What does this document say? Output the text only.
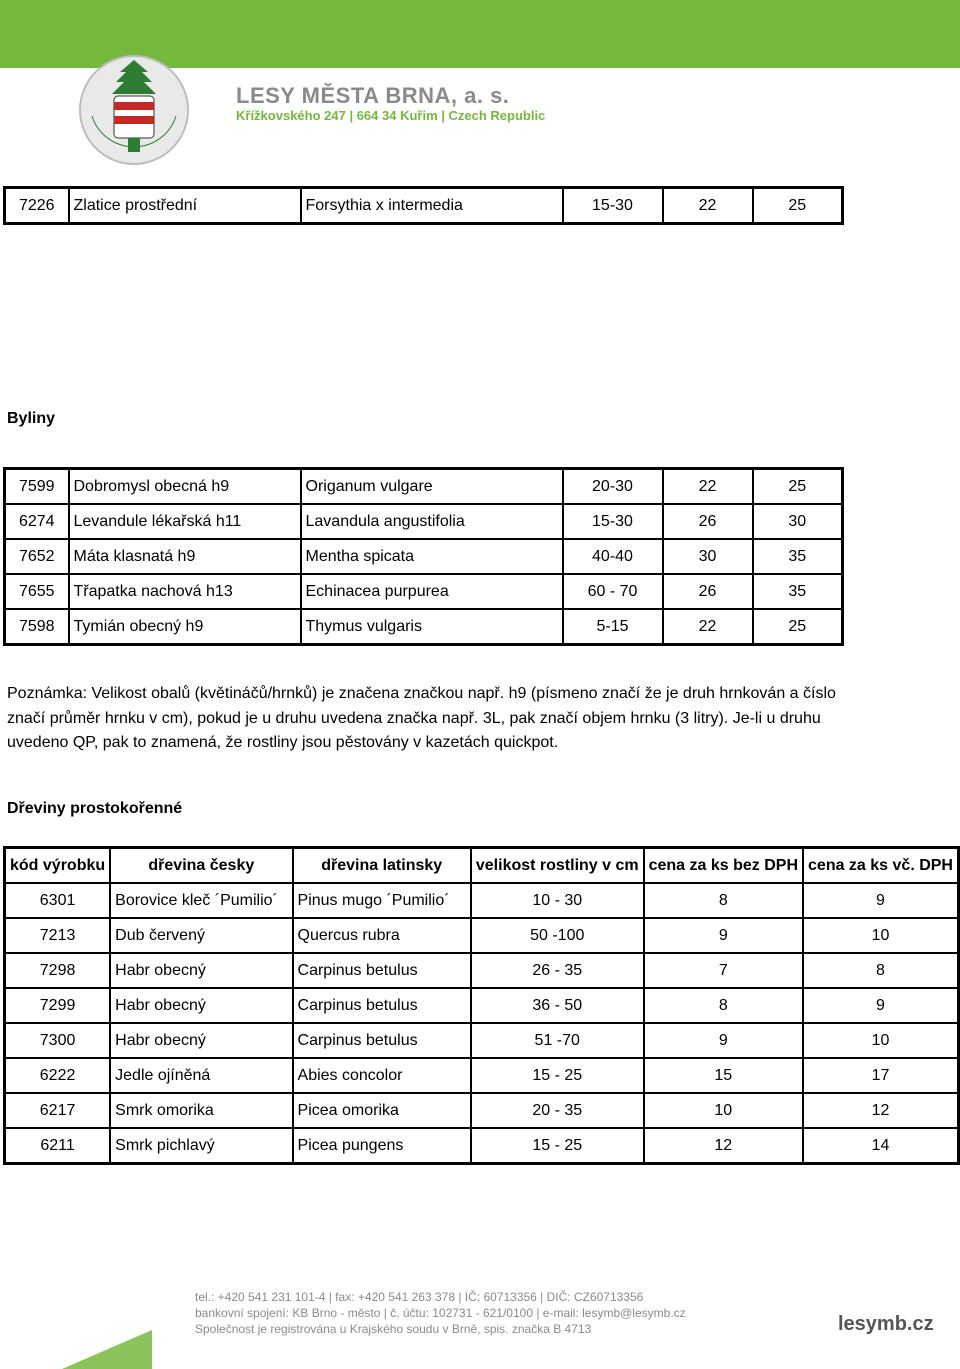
LESY MĚSTA BRNA, a. s.
Křížkovského 247 | 664 34 Kuřim | Czech Republic
7226	Zlatice prostřední	Forsythia x intermedia	15-30	22	25
Byliny
7599	Dobromysl obecná h9	Origanum vulgare	20-30	22	25
6274	Levandule lékařská h11	Lavandula angustifolia	15-30	26	30
7652	Máta klasnatá h9	Mentha spicata	40-40	30	35
7655	Třapatka nachová h13	Echinacea purpurea	60 - 70	26	35
7598	Tymián obecný h9	Thymus vulgaris	5-15	22	25
Poznámka: Velikost obalů (květináčů/hrnků) je značena značkou např. h9 (písmeno značí že je druh hrnkován a číslo značí průměr hrnku v cm), pokud je u druhu uvedena značka např. 3L, pak značí objem hrnku (3 litry). Je-li u druhu uvedeno QP, pak to znamená, že rostliny jsou pěstovány v kazetách quickpot.
Dřeviny prostokořenné
kód výrobku	dřevina česky	dřevina latinsky	velikost rostliny v cm	cena za ks bez DPH	cena za ks vč. DPH
6301	Borovice kleč ´Pumilio´	Pinus mugo ´Pumilio´	10 - 30	8	9
7213	Dub červený	Quercus rubra	50 -100	9	10
7298	Habr obecný	Carpinus betulus	26 - 35	7	8
7299	Habr obecný	Carpinus betulus	36 - 50	8	9
7300	Habr obecný	Carpinus betulus	51 -70	9	10
6222	Jedle ojíněná	Abies concolor	15 - 25	15	17
6217	Smrk omorika	Picea omorika	20 - 35	10	12
6211	Smrk pichlavý	Picea pungens	15 - 25	12	14
tel.: +420 541 231 101-4 | fax: +420 541 263 378 | IČ: 60713356 | DIČ: CZ60713356
bankovní spojení: KB Brno - město | č. účtu: 102731 - 621/0100 | e-mail: lesymb@lesymb.cz
Společnost je registrována u Krajského soudu v Brně, spis. značka B 4713	lesymb.cz
